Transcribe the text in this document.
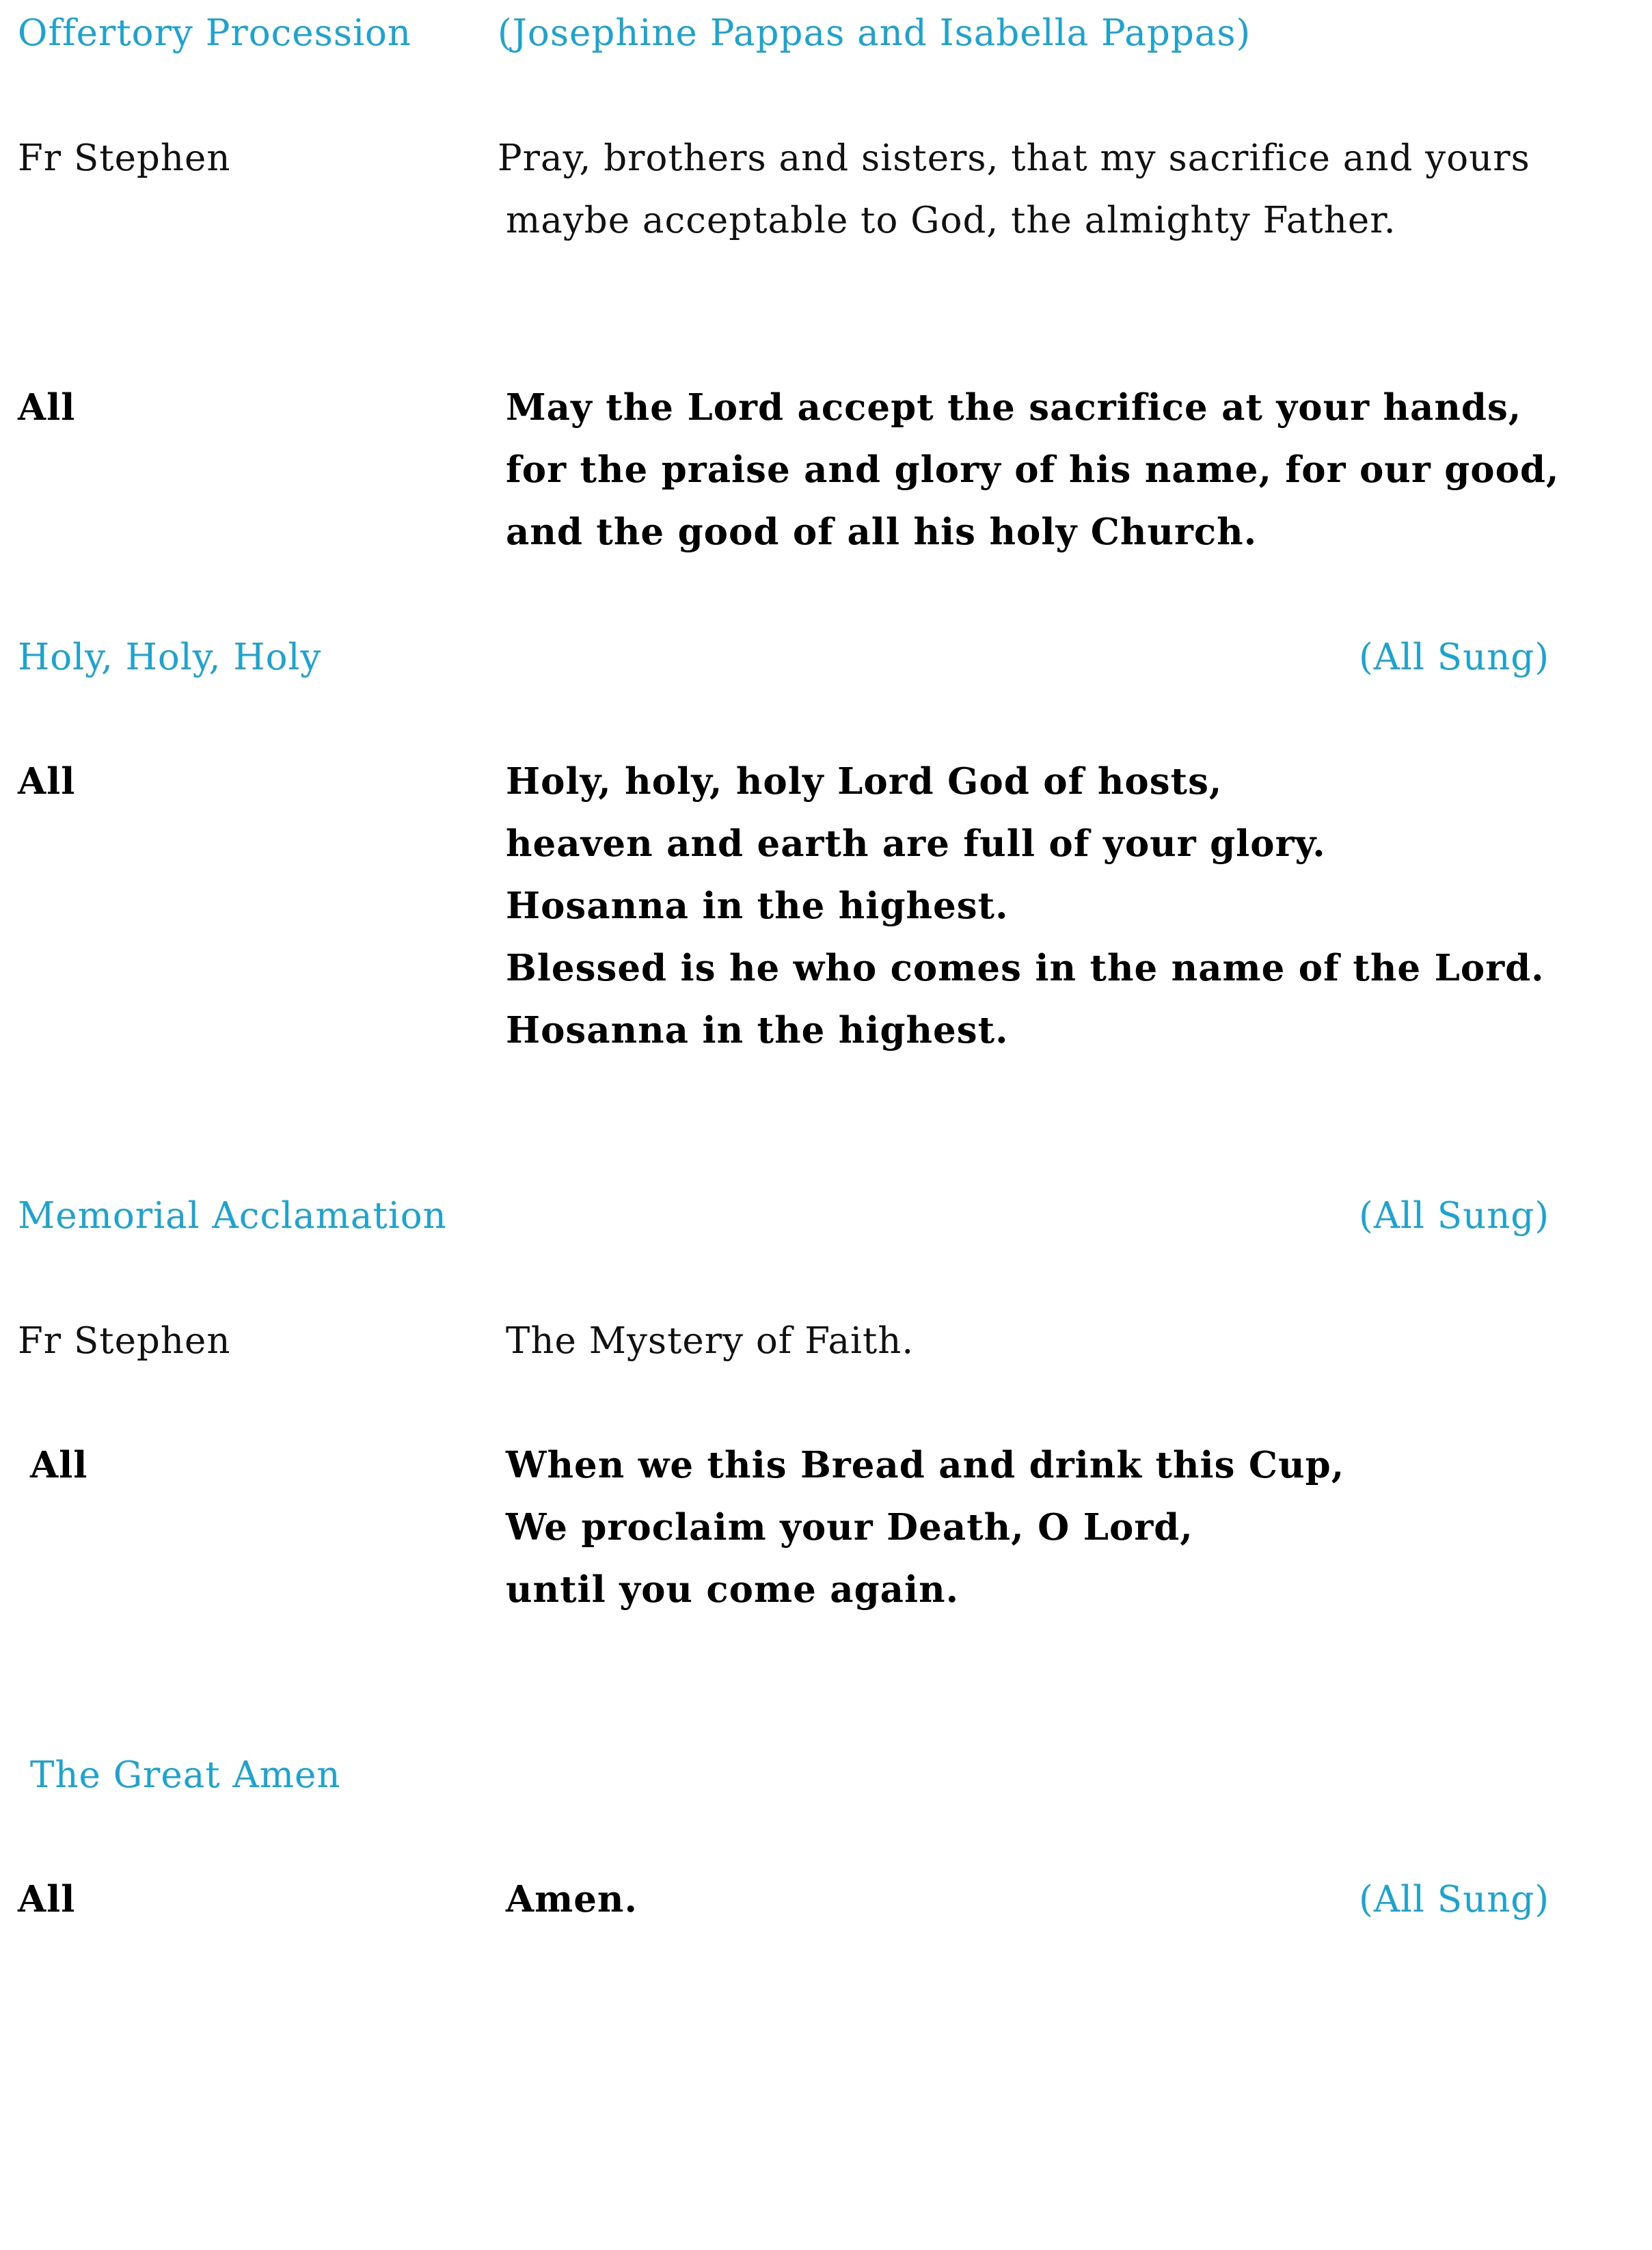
Offertory Procession (Josephine Pappas and Isabella Pappas)
Fr Stephen	Pray, brothers and sisters, that my sacrifice and yours
maybe acceptable to God, the almighty Father.
All	May the Lord accept the sacrifice at your hands,
for the praise and glory of his name, for our good,
and the good of all his holy Church.
Holy, Holy, Holy	(All Sung)
All	Holy, holy, holy Lord God of hosts,
heaven and earth are full of your glory.
Hosanna in the highest.
Blessed is he who comes in the name of the Lord.
Hosanna in the highest.
Memorial Acclamation	(All Sung)
Fr Stephen	The Mystery of Faith.
All	When we this Bread and drink this Cup,
We proclaim your Death, O Lord,
until you come again.
The Great Amen
All	Amen.	(All Sung)
